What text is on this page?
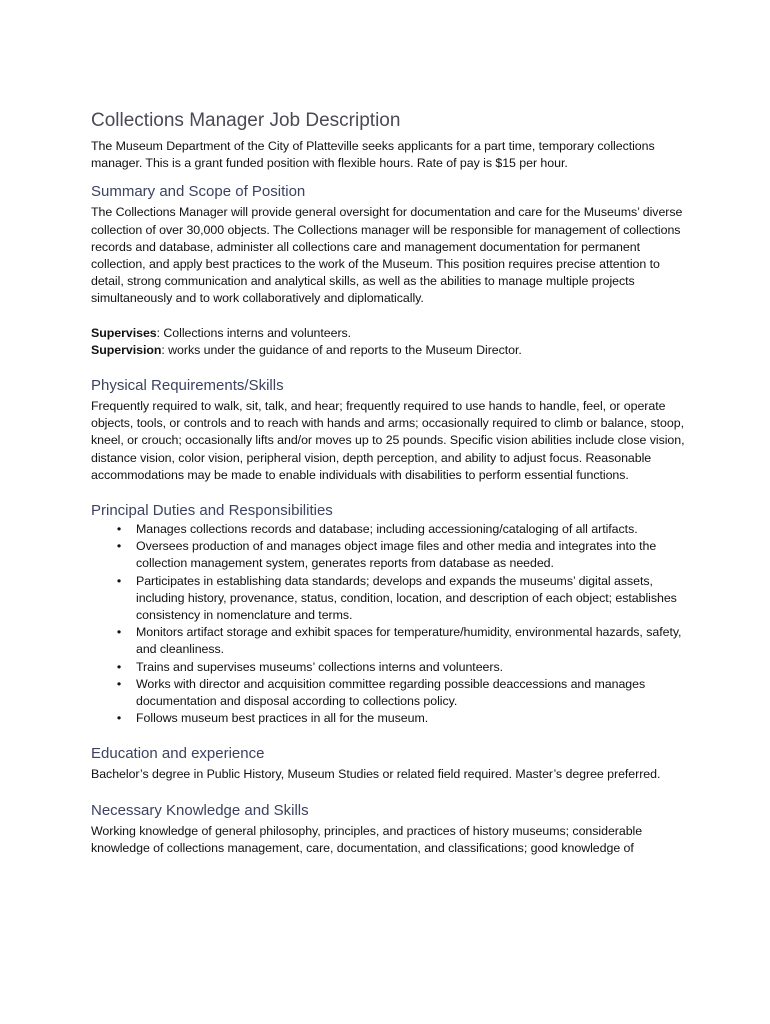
Collections Manager Job Description

The Museum Department of the City of Platteville seeks applicants for a part time, temporary collections manager. This is a grant funded position with flexible hours. Rate of pay is $15 per hour.

Summary and Scope of Position

The Collections Manager will provide general oversight for documentation and care for the Museums’ diverse collection of over 30,000 objects. The Collections manager will be responsible for management of collections records and database, administer all collections care and management documentation for permanent collection, and apply best practices to the work of the Museum. This position requires precise attention to detail, strong communication and analytical skills, as well as the abilities to manage multiple projects simultaneously and to work collaboratively and diplomatically.

Supervises: Collections interns and volunteers.

Supervision: works under the guidance of and reports to the Museum Director.

Physical Requirements/Skills

Frequently required to walk, sit, talk, and hear; frequently required to use hands to handle, feel, or operate objects, tools, or controls and to reach with hands and arms; occasionally required to climb or balance, stoop, kneel, or crouch; occasionally lifts and/or moves up to 25 pounds. Specific vision abilities include close vision, distance vision, color vision, peripheral vision, depth perception, and ability to adjust focus. Reasonable accommodations may be made to enable individuals with disabilities to perform essential functions.

Principal Duties and Responsibilities
• Manages collections records and database; including accessioning/cataloging of all artifacts.
• Oversees production of and manages object image files and other media and integrates into the collection management system, generates reports from database as needed.
• Participates in establishing data standards; develops and expands the museums’ digital assets, including history, provenance, status, condition, location, and description of each object; establishes consistency in nomenclature and terms.
• Monitors artifact storage and exhibit spaces for temperature/humidity, environmental hazards, safety, and cleanliness.
• Trains and supervises museums’ collections interns and volunteers.
• Works with director and acquisition committee regarding possible deaccessions and manages documentation and disposal according to collections policy.
• Follows museum best practices in all for the museum.
Education and experience

Bachelor’s degree in Public History, Museum Studies or related field required. Master’s degree preferred.

Necessary Knowledge and Skills

Working knowledge of general philosophy, principles, and practices of history museums; considerable knowledge of collections management, care, documentation, and classifications; good knowledge of
